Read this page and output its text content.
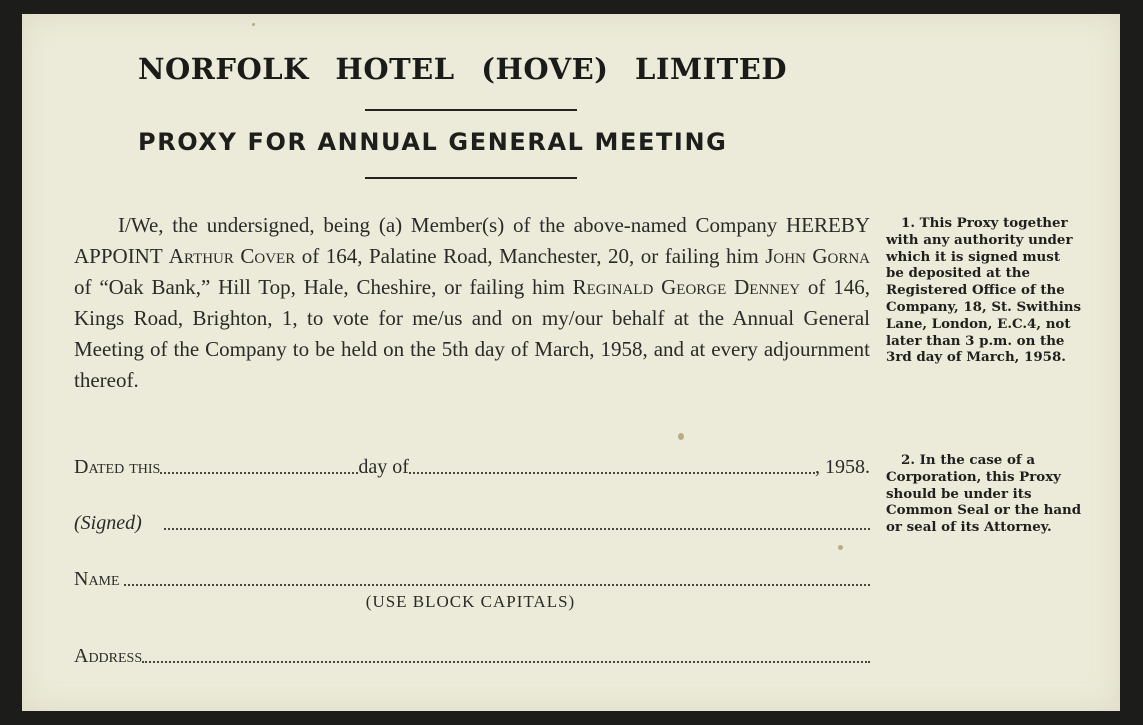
NORFOLK HOTEL (HOVE) LIMITED
PROXY FOR ANNUAL GENERAL MEETING
I/We, the undersigned, being (a) Member(s) of the above-named Company HEREBY APPOINT Arthur Cover of 164, Palatine Road, Manchester, 20, or failing him John Gorna of “Oak Bank,” Hill Top, Hale, Cheshire, or failing him Reginald George Denney of 146, Kings Road, Brighton, 1, to vote for me/us and on my/our behalf at the Annual General Meeting of the Company to be held on the 5th day of March, 1958, and at every adjournment thereof.
1. This Proxy together with any authority under which it is signed must be deposited at the Registered Office of the Company, 18, St. Swithins Lane, London, E.C.4, not later than 3 p.m. on the 3rd day of March, 1958.
2. In the case of a Corporation, this Proxy should be under its Common Seal or the hand or seal of its Attorney.
Dated this	day of	, 1958.
(Signed)
Name
(USE BLOCK CAPITALS)
Address
